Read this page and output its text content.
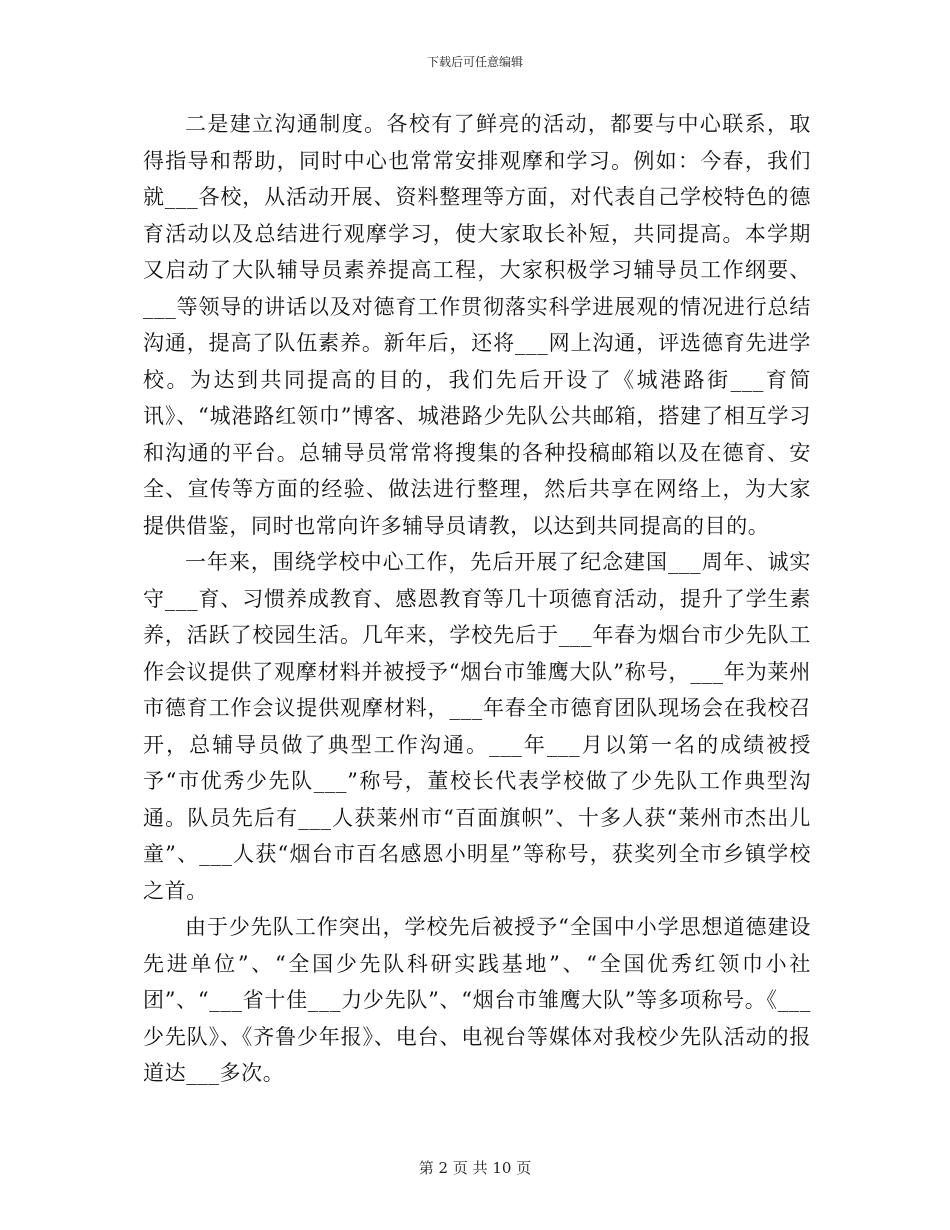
下载后可任意编辑

二是建立沟通制度。各校有了鲜亮的活动，都要与中心联系，取得指导和帮助，同时中心也常常安排观摩和学习。例如：今春，我们就___各校，从活动开展、资料整理等方面，对代表自己学校特色的德育活动以及总结进行观摩学习，使大家取长补短，共同提高。本学期又启动了大队辅导员素养提高工程，大家积极学习辅导员工作纲要、___等领导的讲话以及对德育工作贯彻落实科学进展观的情况进行总结沟通，提高了队伍素养。新年后，还将___网上沟通，评选德育先进学校。为达到共同提高的目的，我们先后开设了《城港路街___育简讯》、“城港路红领巾”博客、城港路少先队公共邮箱，搭建了相互学习和沟通的平台。总辅导员常常将搜集的各种投稿邮箱以及在德育、安全、宣传等方面的经验、做法进行整理，然后共享在网络上，为大家提供借鉴，同时也常向许多辅导员请教，以达到共同提高的目的。

一年来，围绕学校中心工作，先后开展了纪念建国___周年、诚实守___育、习惯养成教育、感恩教育等几十项德育活动，提升了学生素养，活跃了校园生活。几年来，学校先后于___年春为烟台市少先队工作会议提供了观摩材料并被授予“烟台市雏鹰大队”称号，___年为莱州市德育工作会议提供观摩材料，___年春全市德育团队现场会在我校召开，总辅导员做了典型工作沟通。___年___月以第一名的成绩被授予“市优秀少先队___”称号，董校长代表学校做了少先队工作典型沟通。队员先后有___人获莱州市“百面旗帜”、十多人获“莱州市杰出儿童”、___人获“烟台市百名感恩小明星”等称号，获奖列全市乡镇学校之首。

由于少先队工作突出，学校先后被授予“全国中小学思想道德建设先进单位”、“全国少先队科研实践基地”、“全国优秀红领巾小社团”、“___省十佳___力少先队”、“烟台市雏鹰大队”等多项称号。《___少先队》、《齐鲁少年报》、电台、电视台等媒体对我校少先队活动的报道达___多次。

第 2 页 共 10 页
